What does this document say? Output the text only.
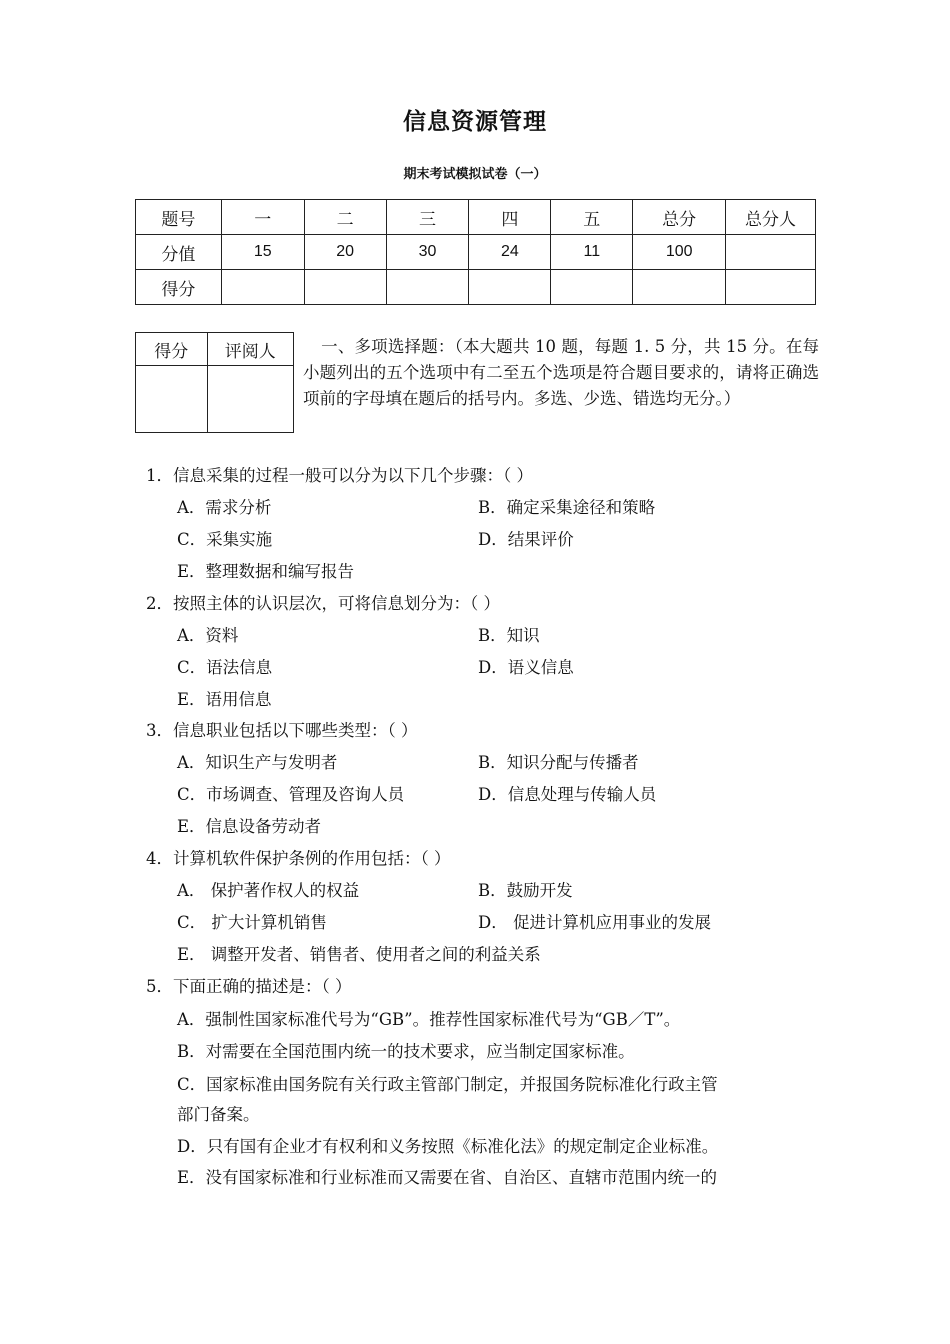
信息资源管理
期末考试模拟试卷（一）
题号	一	二	三	四	五	总分	总分人
分值	15	20	30	24	11	100	
得分							
得分	评阅人
		一、多项选择题：（本大题共 10 题，每题 1. 5 分，共 15 分。在每小题列出的五个选项中有二至五个选项是符合题目要求的，请将正确选项前的字母填在题后的括号内。多选、少选、错选均无分。）
1．信息采集的过程一般可以分为以下几个步骤：（ ）
A．需求分析	B．确定采集途径和策略
C．采集实施	D．结果评价
E．整理数据和编写报告
2．按照主体的认识层次，可将信息划分为：（ ）
A．资料	B．知识
C．语法信息	D．语义信息
E．语用信息
3．信息职业包括以下哪些类型：（ ）
A．知识生产与发明者	B．知识分配与传播者
C．市场调查、管理及咨询人员	D．信息处理与传输人员
E．信息设备劳动者
4．计算机软件保护条例的作用包括：（ ）
A． 保护著作权人的权益	B．鼓励开发
C． 扩大计算机销售	D． 促进计算机应用事业的发展
E． 调整开发者、销售者、使用者之间的利益关系
5．下面正确的描述是：（ ）
A．强制性国家标准代号为“GB”。推荐性国家标准代号为“GB／T”。
B．对需要在全国范围内统一的技术要求，应当制定国家标准。
C．国家标准由国务院有关行政主管部门制定，并报国务院标准化行政主管
部门备案。
D．只有国有企业才有权利和义务按照《标准化法》的规定制定企业标准。
E．没有国家标准和行业标准而又需要在省、自治区、直辖市范围内统一的
